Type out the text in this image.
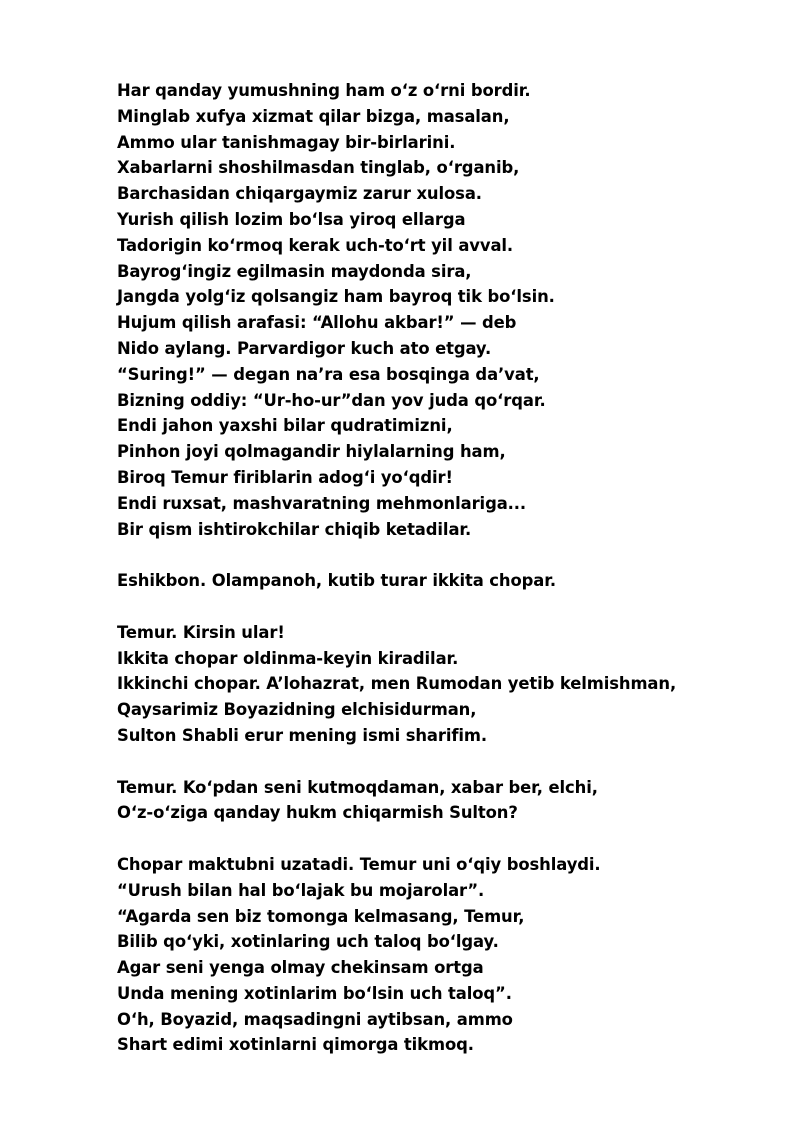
Har qanday yumushning ham o‘z o‘rni bordir.
Minglab xufya xizmat qilar bizga, masalan,
Ammo ular tanishmagay bir-birlarini.
Xabarlarni shoshilmasdan tinglab, o‘rganib,
Barchasidan chiqargaymiz zarur xulosa.
Yurish qilish lozim bo‘lsa yiroq ellarga
Tadorigin ko‘rmoq kerak uch-to‘rt yil avval.
Bayrog‘ingiz egilmasin maydonda sira,
Jangda yolg‘iz qolsangiz ham bayroq tik bo‘lsin.
Hujum qilish arafasi: “Allohu akbar!” — deb
Nido aylang. Parvardigor kuch ato etgay.
“Suring!” — degan na’ra esa bosqinga da’vat,
Bizning oddiy: “Ur-ho-ur”dan yov juda qo‘rqar.
Endi jahon yaxshi bilar qudratimizni,
Pinhon joyi qolmagandir hiylalarning ham,
Biroq Temur firiblarin adog‘i yo‘qdir!
Endi ruxsat, mashvaratning mehmonlariga...
Bir qism ishtirokchilar chiqib ketadilar.
Eshikbon. Olampanoh, kutib turar ikkita chopar.
Temur. Kirsin ular!
Ikkita chopar oldinma-keyin kiradilar.
Ikkinchi chopar. A’lohazrat, men Rumodan yetib kelmishman,
Qaysarimiz Boyazidning elchisidurman,
Sulton Shabli erur mening ismi sharifim.
Temur. Ko‘pdan seni kutmoqdaman, xabar ber, elchi,
O‘z-o‘ziga qanday hukm chiqarmish Sulton?
Chopar maktubni uzatadi. Temur uni o‘qiy boshlaydi.
“Urush bilan hal bo‘lajak bu mojarolar”.
“Agarda sen biz tomonga kelmasang, Temur,
Bilib qo‘yki, xotinlaring uch taloq bo‘lgay.
Agar seni yenga olmay chekinsam ortga
Unda mening xotinlarim bo‘lsin uch taloq”.
O‘h, Boyazid, maqsadingni aytibsan, ammo
Shart edimi xotinlarni qimorga tikmoq.
